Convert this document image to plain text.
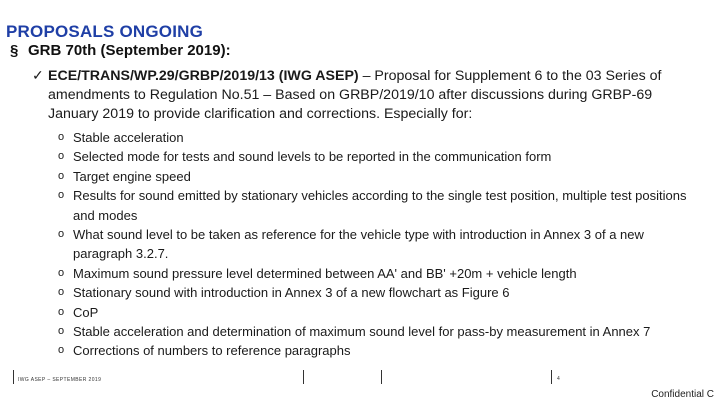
PROPOSALS ONGOING
§ GRB 70th (September 2019):
✓ ECE/TRANS/WP.29/GRBP/2019/13 (IWG ASEP) – Proposal for Supplement 6 to the 03 Series of amendments to Regulation No.51 – Based on GRBP/2019/10 after discussions during GRBP-69 January 2019 to provide clarification and corrections. Especially for:
o Stable acceleration
o Selected mode for tests and sound levels to be reported in the communication form
o Target engine speed
o Results for sound emitted by stationary vehicles according to the single test position, multiple test positions and modes
o What sound level to be taken as reference for the vehicle type with introduction in Annex 3 of a new paragraph 3.2.7.
o Maximum sound pressure level determined between AA' and BB' +20m + vehicle length
o Stationary sound with introduction in Annex 3 of a new flowchart as Figure 6
o CoP
o Stable acceleration and determination of maximum sound level for pass-by measurement in Annex 7
o Corrections of numbers to reference paragraphs
IWG ASEP – SEPTEMBER 2019	4
Confidential C
